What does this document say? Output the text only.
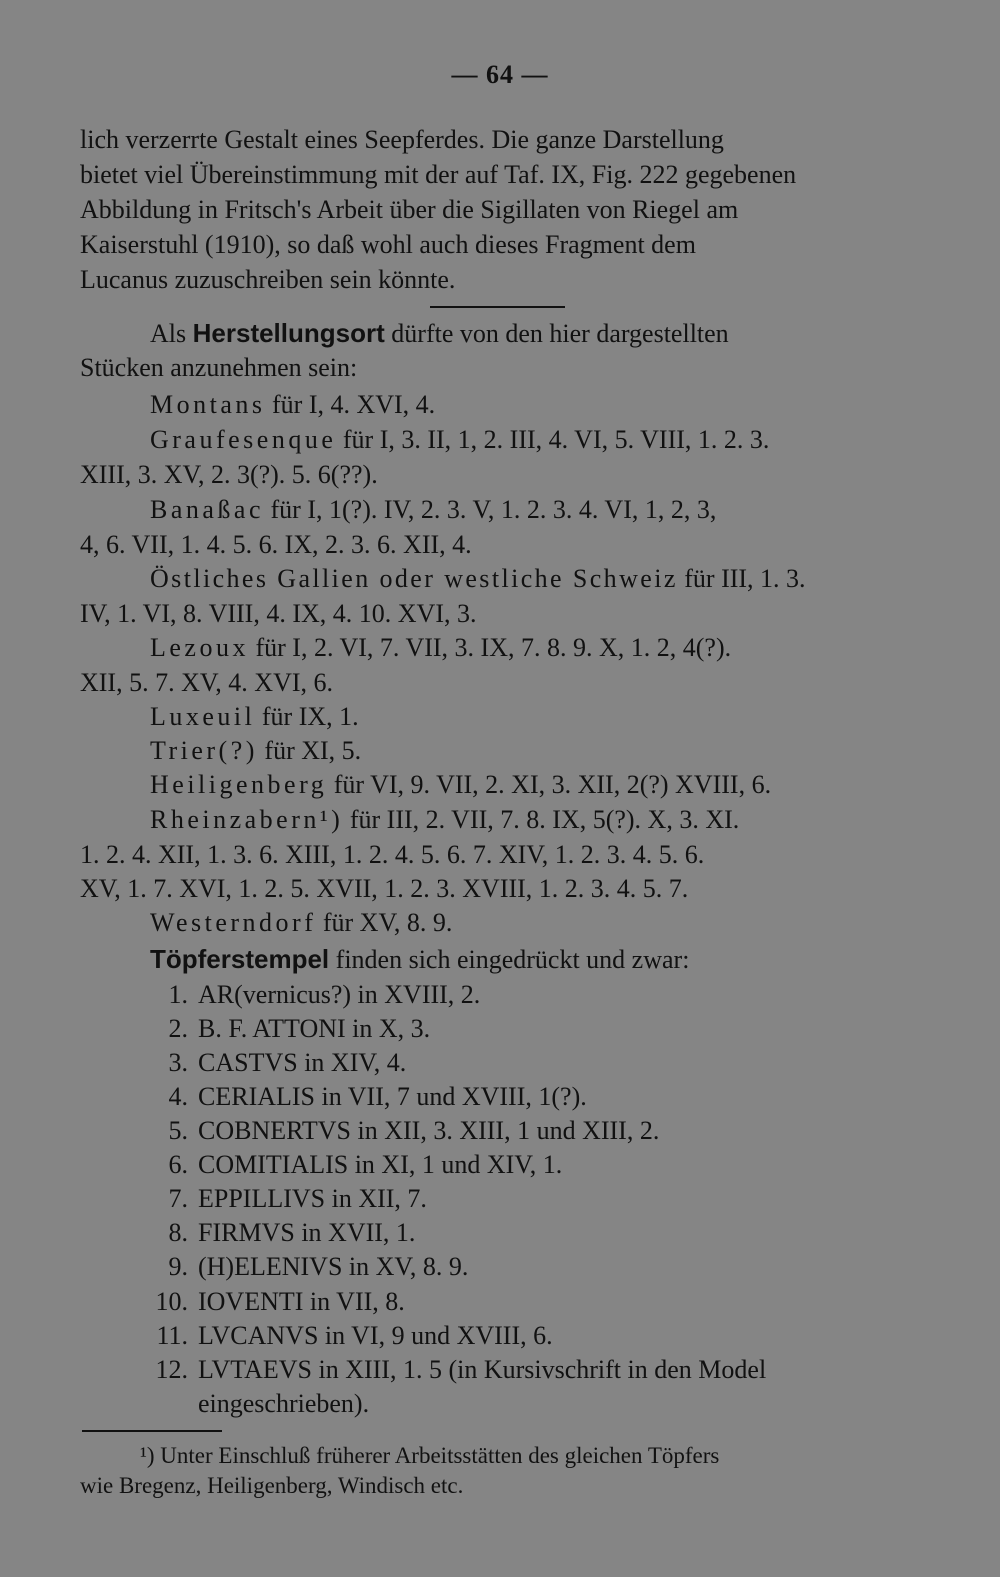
— 64 —
lich verzerrte Gestalt eines Seepferdes. Die ganze Darstellung
bietet viel Übereinstimmung mit der auf Taf. IX, Fig. 222 gegebenen
Abbildung in Fritsch's Arbeit über die Sigillaten von Riegel am
Kaiserstuhl (1910), so daß wohl auch dieses Fragment dem
Lucanus zuzuschreiben sein könnte.
Als Herstellungsort dürfte von den hier dargestellten
Stücken anzunehmen sein:
Montans für I, 4. XVI, 4.
Graufesenque für I, 3. II, 1, 2. III, 4. VI, 5. VIII, 1. 2. 3.
XIII, 3. XV, 2. 3(?). 5. 6(??).
Banaßac für I, 1(?). IV, 2. 3. V, 1. 2. 3. 4. VI, 1, 2, 3,
4, 6. VII, 1. 4. 5. 6. IX, 2. 3. 6. XII, 4.
Östliches Gallien oder westliche Schweiz für III, 1. 3.
IV, 1. VI, 8. VIII, 4. IX, 4. 10. XVI, 3.
Lezoux für I, 2. VI, 7. VII, 3. IX, 7. 8. 9. X, 1. 2, 4(?).
XII, 5. 7. XV, 4. XVI, 6.
Luxeuil für IX, 1.
Trier(?) für XI, 5.
Heiligenberg für VI, 9. VII, 2. XI, 3. XII, 2(?) XVIII, 6.
Rheinzabern¹) für III, 2. VII, 7. 8. IX, 5(?). X, 3. XI.
1. 2. 4. XII, 1. 3. 6. XIII, 1. 2. 4. 5. 6. 7. XIV, 1. 2. 3. 4. 5. 6.
XV, 1. 7. XVI, 1. 2. 5. XVII, 1. 2. 3. XVIII, 1. 2. 3. 4. 5. 7.
Westerndorf für XV, 8. 9.
Töpferstempel finden sich eingedrückt und zwar:
1. AR(vernicus?) in XVIII, 2.
2. B. F. ATTONI in X, 3.
3. CASTVS in XIV, 4.
4. CERIALIS in VII, 7 und XVIII, 1(?).
5. COBNERTVS in XII, 3. XIII, 1 und XIII, 2.
6. COMITIALIS in XI, 1 und XIV, 1.
7. EPPILLIVS in XII, 7.
8. FIRMVS in XVII, 1.
9. (H)ELENIVS in XV, 8. 9.
10. IOVENTI in VII, 8.
11. LVCANVS in VI, 9 und XVIII, 6.
12. LVTAEVS in XIII, 1. 5 (in Kursivschrift in den Model
eingeschrieben).
¹) Unter Einschluß früherer Arbeitsstätten des gleichen Töpfers
wie Bregenz, Heiligenberg, Windisch etc.
